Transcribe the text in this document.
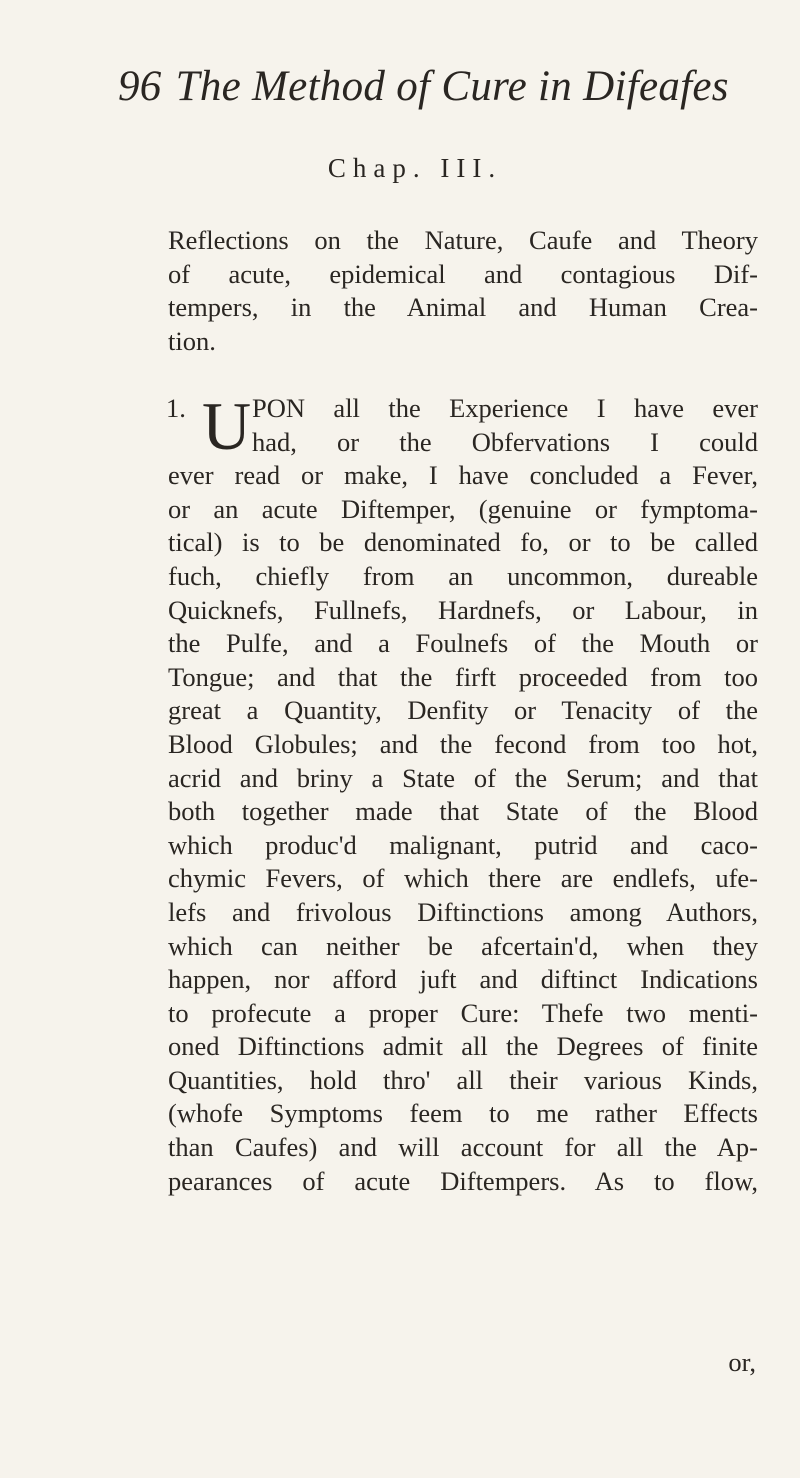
96 The Method of Cure in Difeafes
Chap. III.
Reflections on the Nature, Caufe and Theory
of acute, epidemical and contagious Dif-
tempers, in the Animal and Human Crea-
tion.
U
1. PON all the Experience I have ever
had, or the Obfervations I could
ever read or make, I have concluded a Fever,
or an acute Diftemper, (genuine or fymptoma-
tical) is to be denominated fo, or to be called
fuch, chiefly from an uncommon, dureable
Quicknefs, Fullnefs, Hardnefs, or Labour, in
the Pulfe, and a Foulnefs of the Mouth or
Tongue; and that the firft proceeded from too
great a Quantity, Denfity or Tenacity of the
Blood Globules; and the fecond from too hot,
acrid and briny a State of the Serum; and that
both together made that State of the Blood
which produc'd malignant, putrid and caco-
chymic Fevers, of which there are endlefs, ufe-
lefs and frivolous Diftinctions among Authors,
which can neither be afcertain'd, when they
happen, nor afford juft and diftinct Indications
to profecute a proper Cure: Thefe two menti-
oned Diftinctions admit all the Degrees of finite
Quantities, hold thro' all their various Kinds,
(whofe Symptoms feem to me rather Effects
than Caufes) and will account for all the Ap-
pearances of acute Diftempers. As to flow,
or,
